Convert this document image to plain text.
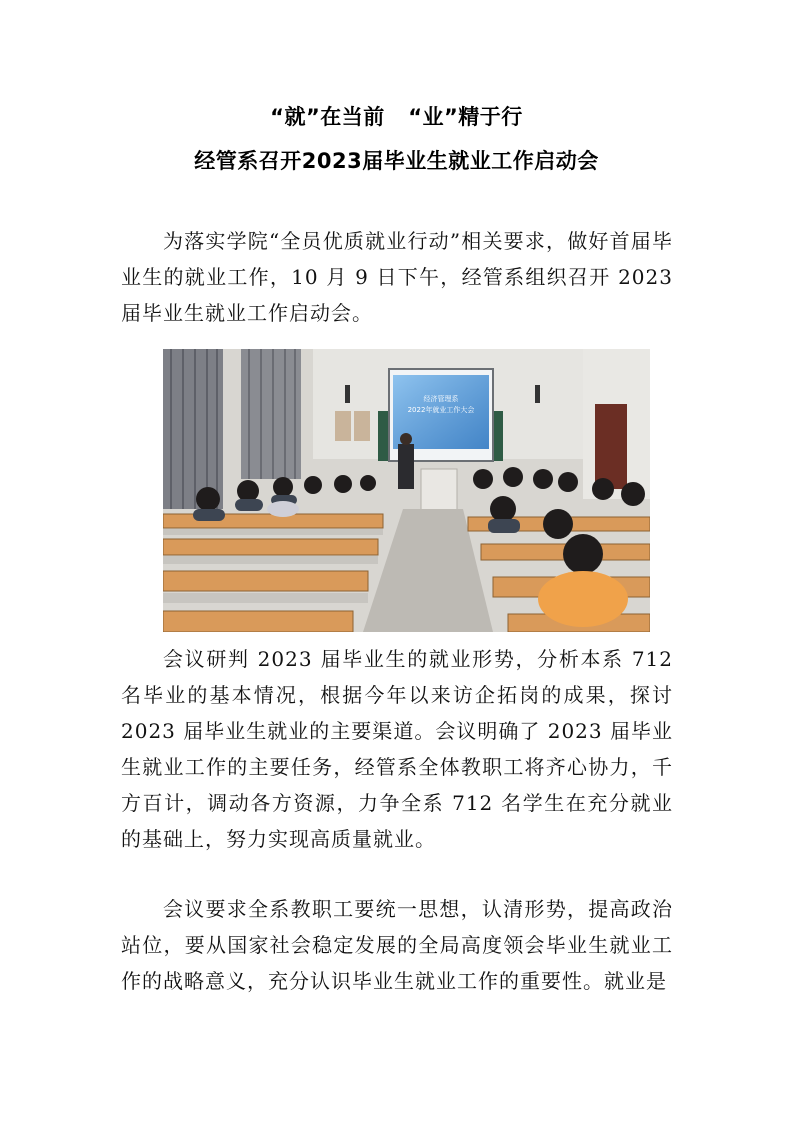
“就”在当前   “业”精于行
经管系召开2023届毕业生就业工作启动会

为落实学院“全员优质就业行动”相关要求，做好首届毕业生的就业工作，10 月 9 日下午，经管系组织召开 2023 届毕业生就业工作启动会。

经济管理系
2022年就业工作大会

会议研判 2023 届毕业生的就业形势，分析本系 712 名毕业的基本情况，根据今年以来访企拓岗的成果，探讨 2023 届毕业生就业的主要渠道。会议明确了 2023 届毕业生就业工作的主要任务，经管系全体教职工将齐心协力，千方百计，调动各方资源，力争全系 712 名学生在充分就业的基础上，努力实现高质量就业。

会议要求全系教职工要统一思想，认清形势，提高政治站位，要从国家社会稳定发展的全局高度领会毕业生就业工作的战略意义，充分认识毕业生就业工作的重要性。就业是
